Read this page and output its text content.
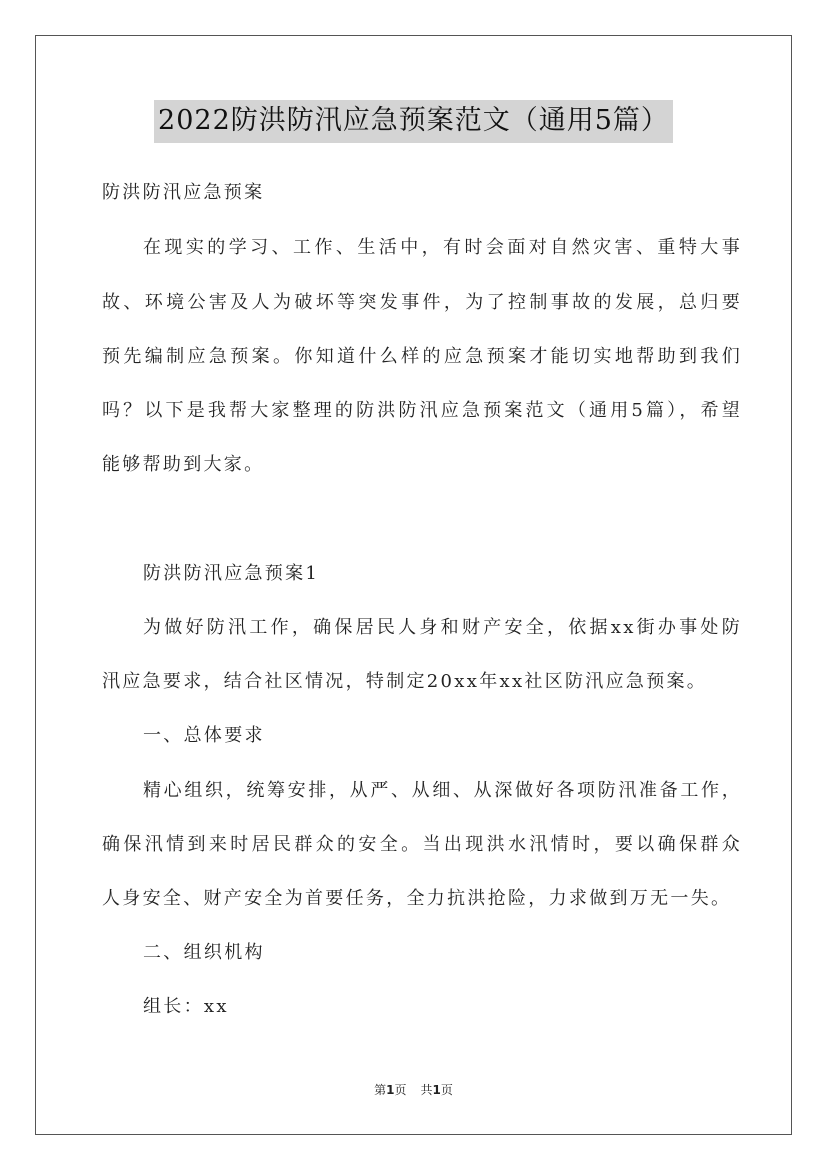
2022防洪防汛应急预案范文（通用5篇）
防洪防汛应急预案
在现实的学习、工作、生活中，有时会面对自然灾害、重特大事
故、环境公害及人为破坏等突发事件，为了控制事故的发展，总归要
预先编制应急预案。你知道什么样的应急预案才能切实地帮助到我们
吗？以下是我帮大家整理的防洪防汛应急预案范文（通用5篇），希望
能够帮助到大家。
防洪防汛应急预案1
为做好防汛工作，确保居民人身和财产安全，依据xx街办事处防
汛应急要求，结合社区情况，特制定20xx年xx社区防汛应急预案。
一、总体要求
精心组织，统筹安排，从严、从细、从深做好各项防汛准备工作，
确保汛情到来时居民群众的安全。当出现洪水汛情时，要以确保群众
人身安全、财产安全为首要任务，全力抗洪抢险，力求做到万无一失。
二、组织机构
组长：xx
第1页 共1页
